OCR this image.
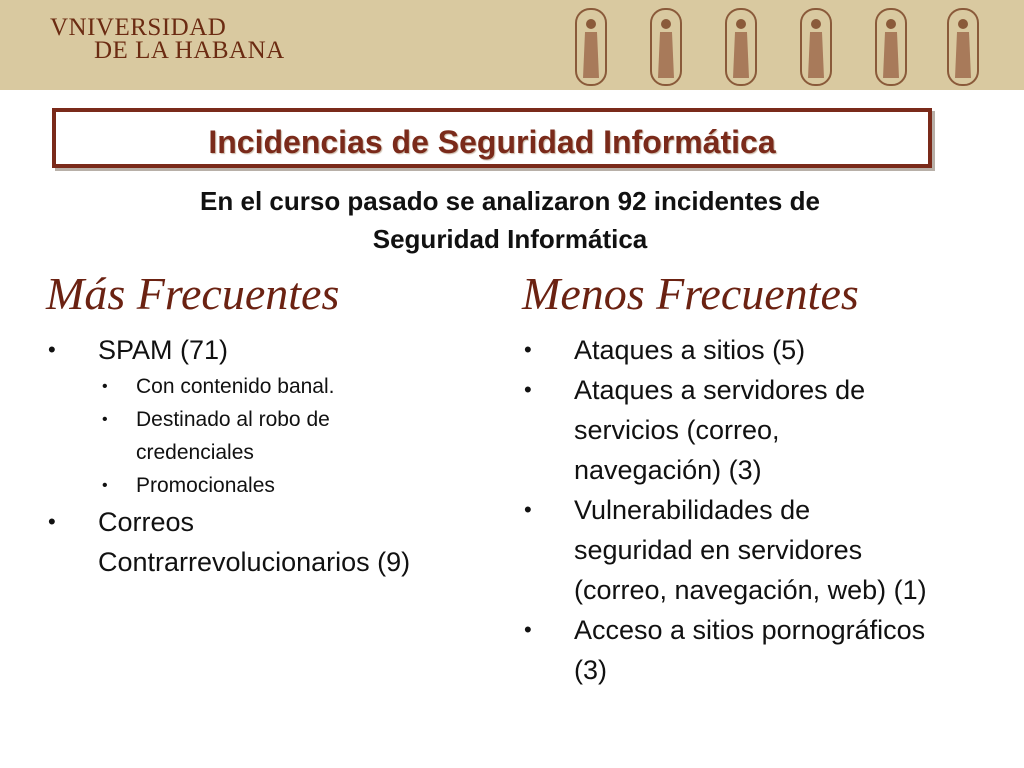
VNIVERSIDAD
DE LA HABANA
Incidencias de Seguridad Informática
En el curso pasado se analizaron 92 incidentes de
Seguridad Informática
Más Frecuentes
• SPAM (71)
• Con contenido banal.
• Destinado al robo de
credenciales
• Promocionales
• Correos
Contrarrevolucionarios (9)
Menos Frecuentes
• Ataques a sitios (5)
• Ataques a servidores de
servicios (correo,
navegación) (3)
• Vulnerabilidades de
seguridad en servidores
(correo, navegación, web) (1)
• Acceso a sitios pornográficos
(3)
